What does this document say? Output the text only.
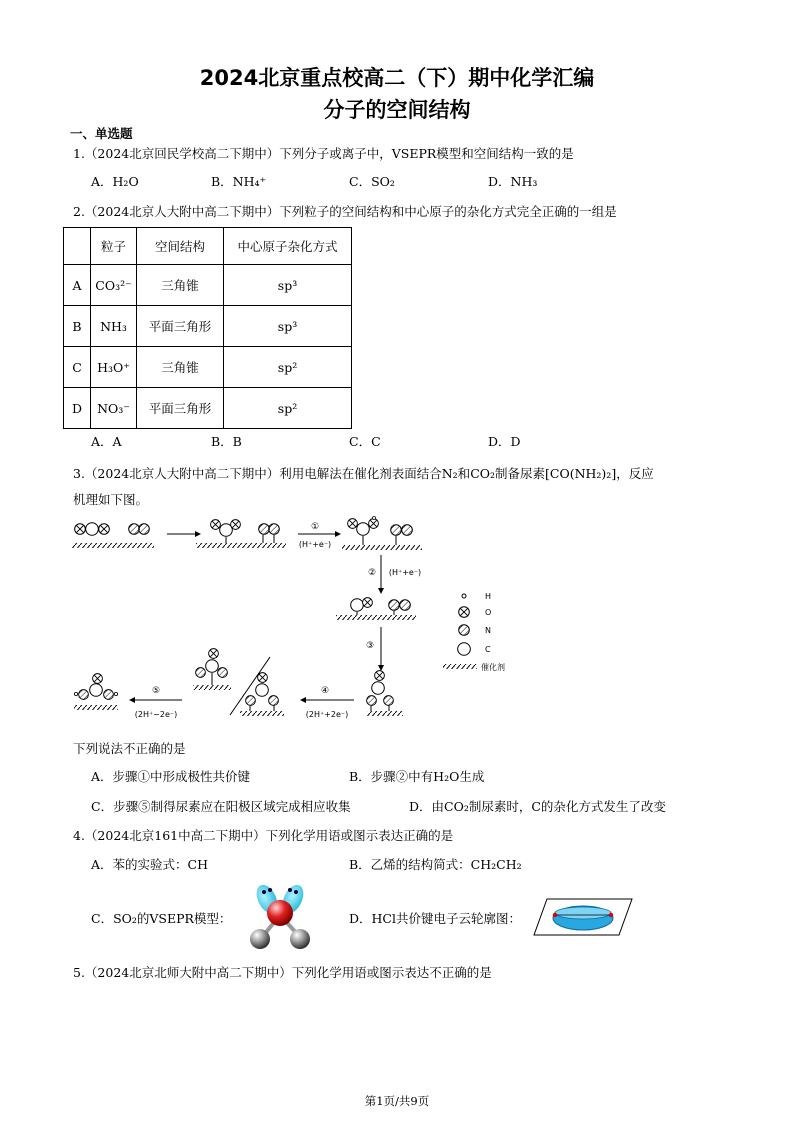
2024北京重点校高二（下）期中化学汇编
分子的空间结构
一、单选题
1.（2024北京回民学校高二下期中）下列分子或离子中，VSEPR模型和空间结构一致的是
A．H₂O	B．NH₄⁺	C．SO₂	D．NH₃
2.（2024北京人大附中高二下期中）下列粒子的空间结构和中心原子的杂化方式完全正确的一组是
	粒子	空间结构	中心原子杂化方式
A	CO₃²⁻	三角锥	sp³
B	NH₃	平面三角形	sp³
C	H₃O⁺	三角锥	sp²
D	NO₃⁻	平面三角形	sp²
A．A	B．B	C．C	D．D
3.（2024北京人大附中高二下期中）利用电解法在催化剂表面结合N₂和CO₂制备尿素[CO(NH₂)₂]，反应
机理如下图。
①
(H⁺+e⁻)
② (H⁺+e⁻)
③
H
O
N
C
催化剂
④
(2H⁺+2e⁻)
⑤
(2H⁺−2e⁻)
下列说法不正确的是
A．步骤①中形成极性共价键	B．步骤②中有H₂O生成
C．步骤⑤制得尿素应在阳极区域完成相应收集	D．由CO₂制尿素时，C的杂化方式发生了改变
4.（2024北京161中高二下期中）下列化学用语或图示表达正确的是
A．苯的实验式：CH	B．乙烯的结构简式：CH₂CH₂
C．SO₂的VSEPR模型：	D．HCl共价键电子云轮廓图：
5.（2024北京北师大附中高二下期中）下列化学用语或图示表达不正确的是
第1页/共9页
